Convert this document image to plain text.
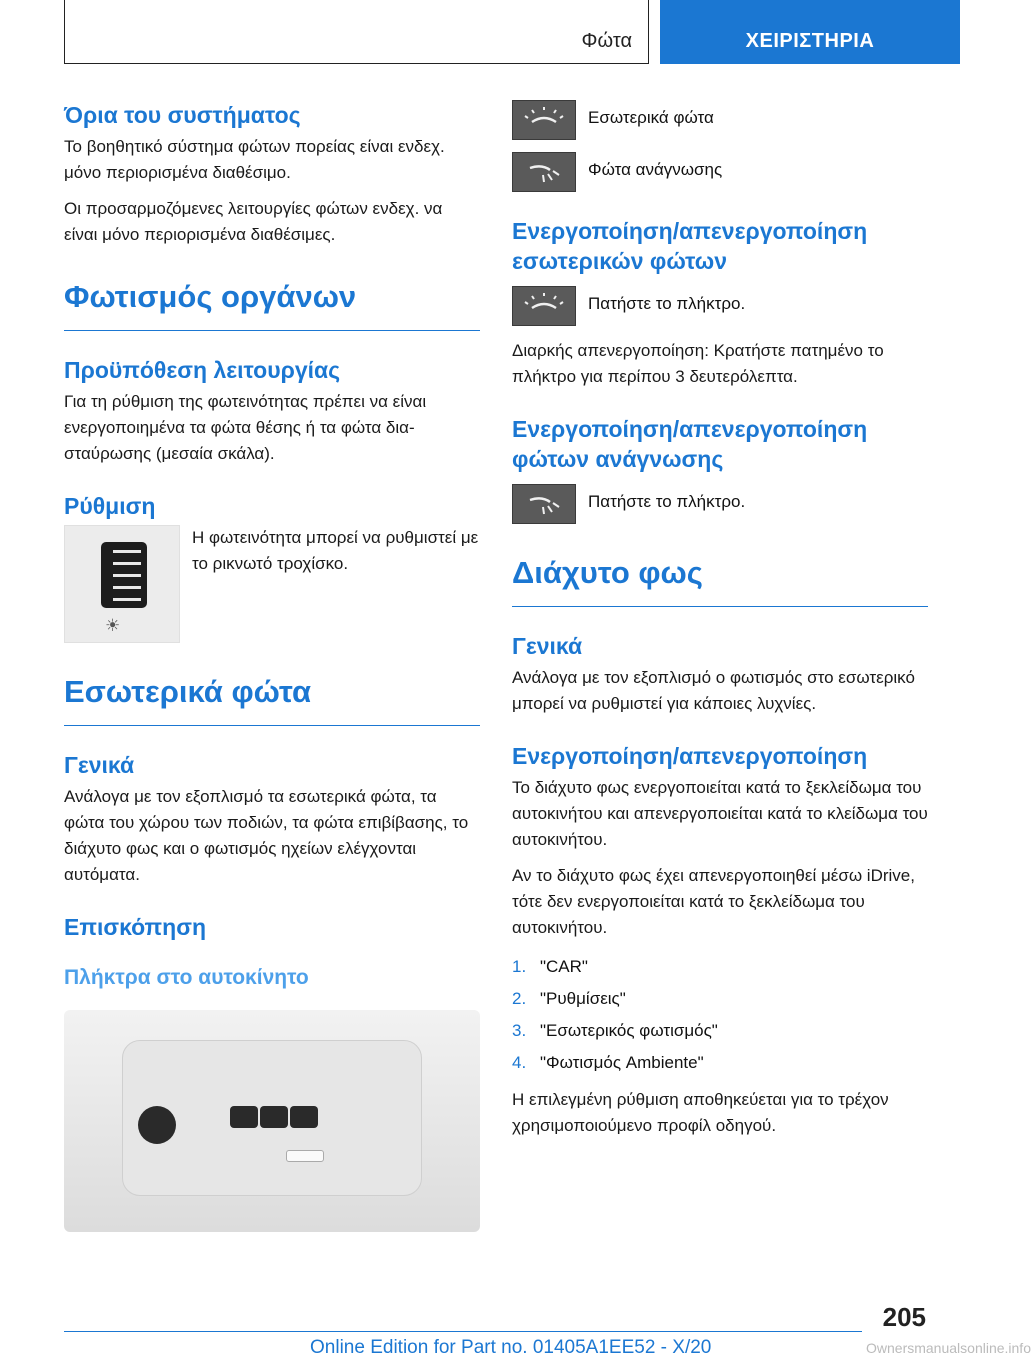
Φώτα	ΧΕΙΡΙΣΤΗΡΙΑ
Όρια του συστήματος

Το βοηθητικό σύστημα φώτων πορείας είναι ενδεχ. μόνο περιορισμένα διαθέσιμο.

Οι προσαρμοζόμενες λειτουργίες φώτων ενδεχ. να είναι μόνο περιορισμένα διαθέσιμες.

Φωτισμός οργάνων
Προϋπόθεση λειτουργίας

Για τη ρύθμιση της φωτεινότητας πρέπει να είναι ενεργοποιημένα τα φώτα θέσης ή τα φώτα διασταύρωσης (μεσαία σκάλα).

Ρύθμιση
☀

Η φωτεινότητα μπορεί να ρυθμιστεί με το ρικνωτό τροχίσκο.

Εσωτερικά φώτα
Γενικά

Ανάλογα με τον εξοπλισμό τα εσωτερικά φώτα, τα φώτα του χώρου των ποδιών, τα φώτα επιβίβασης, το διάχυτο φως και ο φωτισμός ηχείων ελέγχονται αυτόματα.

Επισκόπηση
Πλήκτρα στο αυτοκίνητο
Εσωτερικά φώτα
Φώτα ανάγνωσης
Ενεργοποίηση/απενεργοποίηση εσωτερικών φώτων
Πατήστε το πλήκτρο.

Διαρκής απενεργοποίηση: Κρατήστε πατημένο το πλήκτρο για περίπου 3 δευτερόλεπτα.

Ενεργοποίηση/απενεργοποίηση φώτων ανάγνωσης
Πατήστε το πλήκτρο.
Διάχυτο φως
Γενικά

Ανάλογα με τον εξοπλισμό ο φωτισμός στο εσωτερικό μπορεί να ρυθμιστεί για κάποιες λυχνίες.

Ενεργοποίηση/απενεργοποίηση

Το διάχυτο φως ενεργοποιείται κατά το ξεκλείδωμα του αυτοκινήτου και απενεργοποιείται κατά το κλείδωμα του αυτοκινήτου.

Αν το διάχυτο φως έχει απενεργοποιηθεί μέσω iDrive, τότε δεν ενεργοποιείται κατά το ξεκλείδωμα του αυτοκινήτου.

1. "CAR"
2. "Ρυθμίσεις"
3. "Εσωτερικός φωτισμός"
4. "Φωτισμός Ambiente"

Η επιλεγμένη ρύθμιση αποθηκεύεται για το τρέχον χρησιμοποιούμενο προφίλ οδηγού.

205
Online Edition for Part no. 01405A1EE52 - X/20	Ownersmanualsonline.info
